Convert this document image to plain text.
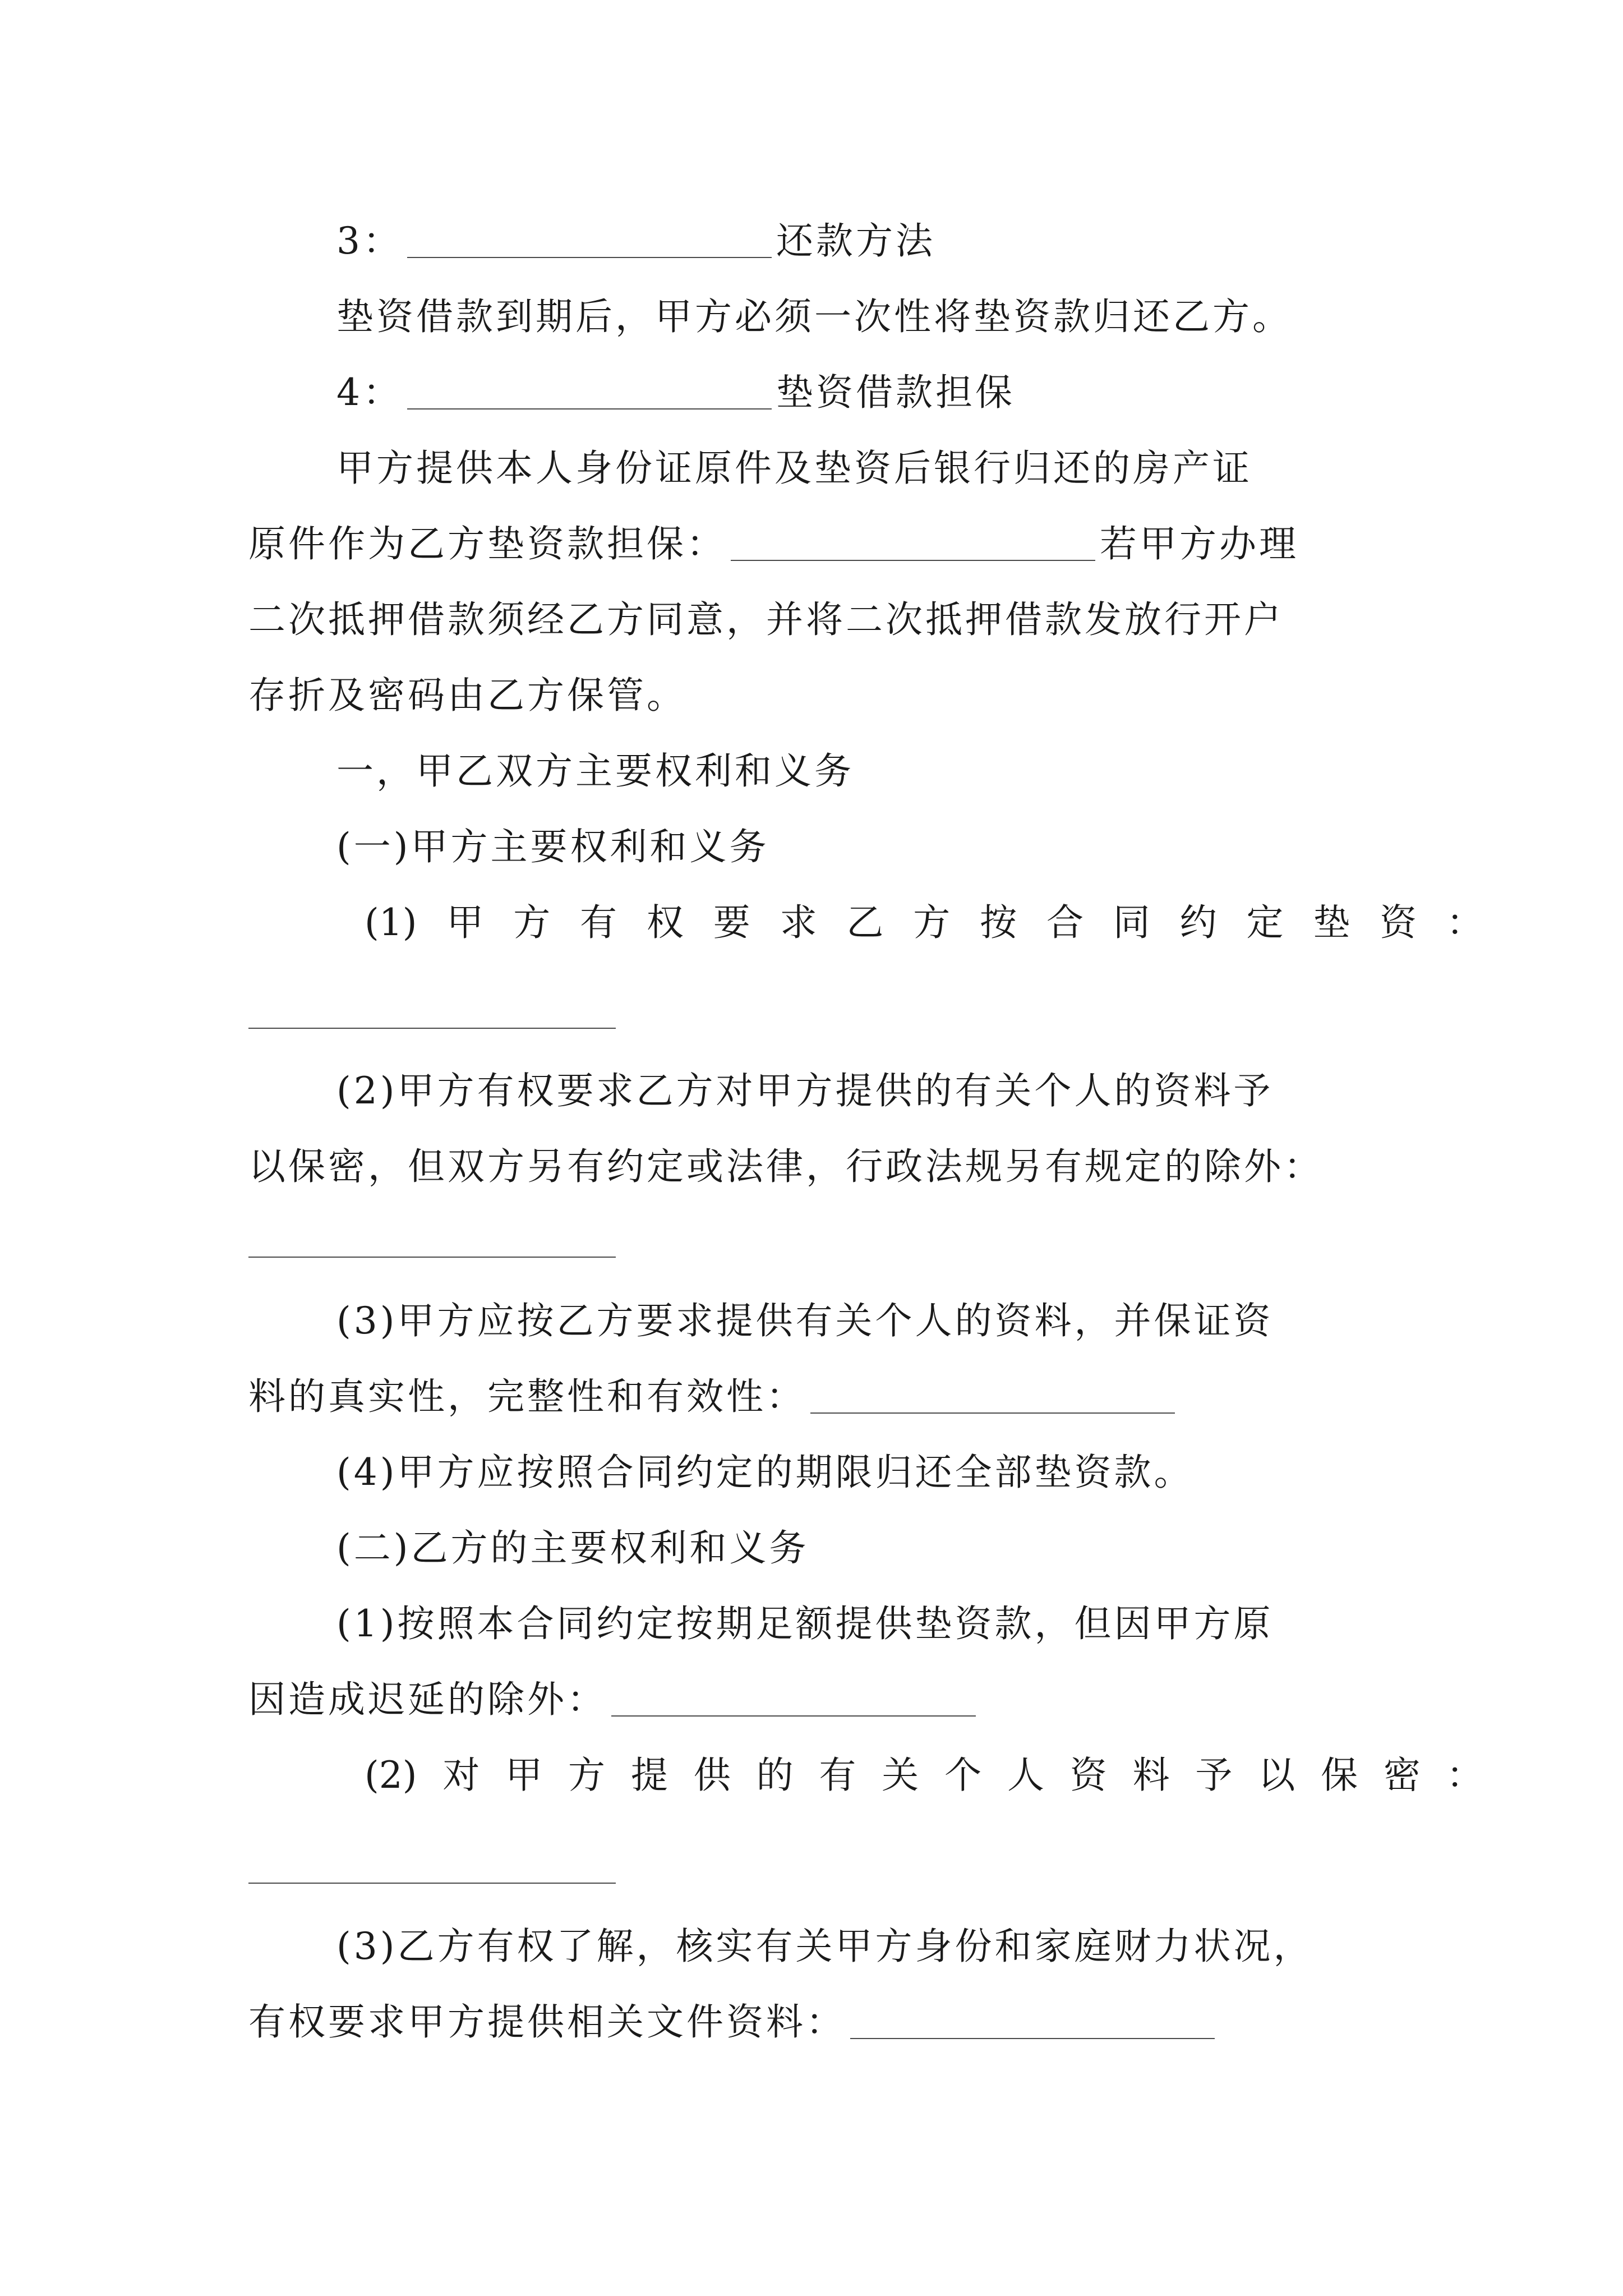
3：	还款方法
垫资借款到期后，甲方必须一次性将垫资款归还乙方。
4：	垫资借款担保
甲方提供本人身份证原件及垫资后银行归还的房产证
原件作为乙方垫资款担保：	若甲方办理
二次抵押借款须经乙方同意，并将二次抵押借款发放行开户
存折及密码由乙方保管。
一，甲乙双方主要权利和义务
(一)甲方主要权利和义务
(1) 甲 方 有 权 要 求 乙 方 按 合 同 约 定 垫 资 ：
(2)甲方有权要求乙方对甲方提供的有关个人的资料予
以保密，但双方另有约定或法律，行政法规另有规定的除外：
(3)甲方应按乙方要求提供有关个人的资料，并保证资
料的真实性，完整性和有效性：
(4)甲方应按照合同约定的期限归还全部垫资款。
(二)乙方的主要权利和义务
(1)按照本合同约定按期足额提供垫资款，但因甲方原
因造成迟延的除外：
(2) 对 甲 方 提 供 的 有 关 个 人 资 料 予 以 保 密 ：
(3)乙方有权了解，核实有关甲方身份和家庭财力状况，
有权要求甲方提供相关文件资料：
